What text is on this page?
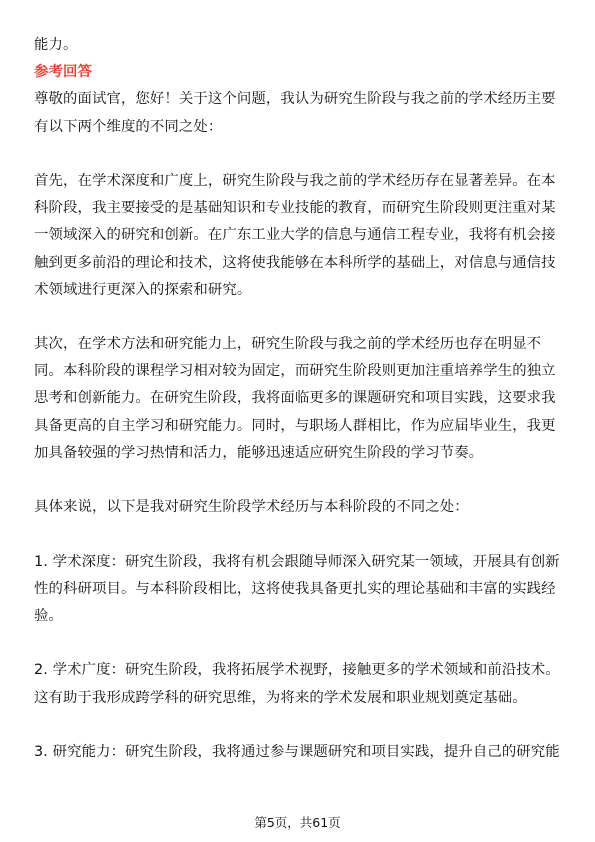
能力。
参考回答
尊敬的面试官，您好！关于这个问题，我认为研究生阶段与我之前的学术经历主要
有以下两个维度的不同之处：
首先，在学术深度和广度上，研究生阶段与我之前的学术经历存在显著差异。在本
科阶段，我主要接受的是基础知识和专业技能的教育，而研究生阶段则更注重对某
一领域深入的研究和创新。在广东工业大学的信息与通信工程专业，我将有机会接
触到更多前沿的理论和技术，这将使我能够在本科所学的基础上，对信息与通信技
术领域进行更深入的探索和研究。
其次，在学术方法和研究能力上，研究生阶段与我之前的学术经历也存在明显不
同。本科阶段的课程学习相对较为固定，而研究生阶段则更加注重培养学生的独立
思考和创新能力。在研究生阶段，我将面临更多的课题研究和项目实践，这要求我
具备更高的自主学习和研究能力。同时，与职场人群相比，作为应届毕业生，我更
加具备较强的学习热情和活力，能够迅速适应研究生阶段的学习节奏。
具体来说，以下是我对研究生阶段学术经历与本科阶段的不同之处：
1. 学术深度：研究生阶段，我将有机会跟随导师深入研究某一领域，开展具有创新
性的科研项目。与本科阶段相比，这将使我具备更扎实的理论基础和丰富的实践经
验。
2. 学术广度：研究生阶段，我将拓展学术视野，接触更多的学术领域和前沿技术。
这有助于我形成跨学科的研究思维，为将来的学术发展和职业规划奠定基础。
3. 研究能力：研究生阶段，我将通过参与课题研究和项目实践，提升自己的研究能
第5页，共61页
